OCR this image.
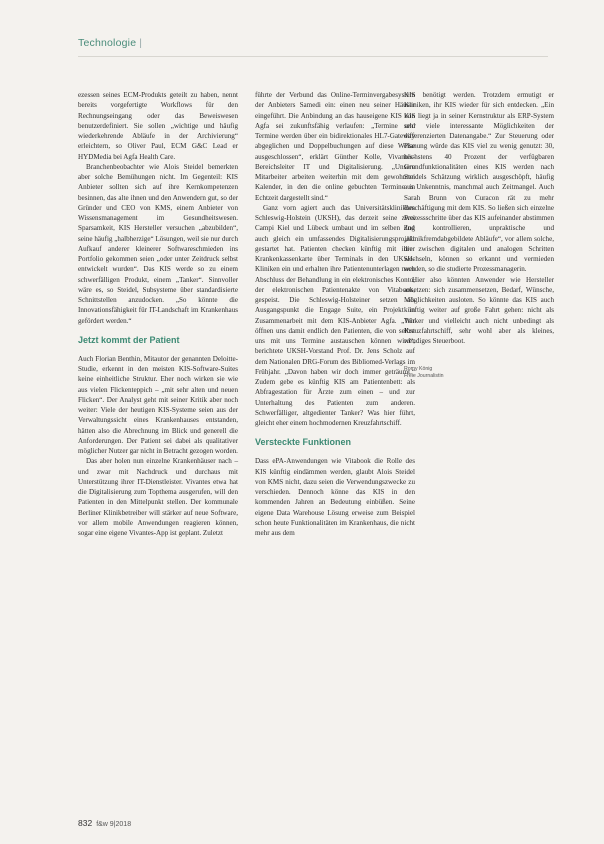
Technologie |

ezessen seines ECM-Produkts geteilt zu haben, nennt bereits vorgefertigte Workflows für den Rechnungseingang oder das Beweiswesen benutzerdefiniert. Sie sollen „wichtige und häufig wiederkehrende Abläufe in der Archivierung“ erleichtern, so Oliver Paul, ECM G&C Lead er HYDMedia bei Agfa Health Care.

Branchenbeobachter wie Alois Steidel bemerkten aber solche Bemühungen nicht. Im Gegenteil: KIS Anbieter sollten sich auf ihre Kernkompetenzen besinnen, das alte ihnen und den Anwendern gut, so der Gründer und CEO von KMS, einem Anbieter von Wissensmanagement im Gesundheitswesen. Sparsamkeit, KIS Hersteller versuchen „abzubilden“, seine häufig „halbherzige“ Lösungen, weil sie nur durch Aufkauf anderer kleinerer Softwareschmieden ins Portfolio gekommen seien „oder unter Zeitdruck selbst entwickelt wurden“. Das KIS werde so zu einem schwerfälligen Produkt, einem „Tanker“. Sinnvoller wäre es, so Steidel, Subsysteme über standardisierte Schnittstellen anzudocken. „So könnte die Innovationsfähigkeit für IT-Landschaft im Krankenhaus gefördert werden.“

Jetzt kommt der Patient

Auch Florian Benthin, Mitautor der genannten Deloitte-Studie, erkennt in den meisten KIS-Software-Suites keine einheitliche Struktur. Eher noch wirken sie wie aus vielen Flickenteppich – „mit sehr alten und neuen Flicken“. Der Analyst geht mit seiner Kritik aber noch weiter: Viele der heutigen KIS-Systeme seien aus der Verwaltungssicht eines Krankenhauses entstanden, hätten also die Abrechnung im Blick und generell die Anforderungen. Der Patient sei dabei als qualitativer möglicher Nutzer gar nicht in Betracht gezogen worden.

Das aber holen nun einzelne Krankenhäuser nach – und zwar mit Nachdruck und durchaus mit Unterstützung ihrer IT-Dienstleister. Vivantes etwa hat die Digitalisierung zum Topthema ausgerufen, will den Patienten in den Mittelpunkt stellen. Der kommunale Berliner Klinikbetreiber will stärker auf neue Software, vor allem mobile Anwendungen reagieren können, sogar eine eigene Vivantes-App ist geplant. Zuletzt

führte der Verbund das Online-Terminvergabesystem der Anbieters Samedi ein: einen neu seiner Häuser eingeführt. Die Anbindung an das hauseigene KIS von Agfa sei zukunftsfähig verlaufen: „Termine und Termine werden über ein bidirektionales HL7-Gateway abgeglichen und Doppelbuchungen auf diese Weise ausgeschlossen“, erklärt Günther Kolle, Vivantes-Bereichsleiter IT und Digitalisierung. „Unsere Mitarbeiter arbeiten weiterhin mit dem gewohnten Kalender, in den die online gebuchten Termine in Echtzeit dargestellt sind.“

Ganz vorn agiert auch das Universitätsklinikum Schleswig-Holstein (UKSH), das derzeit seine zwei Campi Kiel und Lübeck umbaut und im selben Zug auch gleich ein umfassendes Digitalisierungsprojekt gestartet hat. Patienten checken künftig mit ihrer Krankenkassenkarte über Terminals in den UKSH-Kliniken ein und erhalten ihre Patientenunterlagen nach Abschluss der Behandlung in ein elektronisches Konto, der elektronischen Patientenakte von Vitabook, gespeist. Die Schleswig-Holsteiner setzen als Ausgangspunkt die Engage Suite, ein Projekt in Zusammenarbeit mit dem KIS-Anbieter Agfa. „Wir öffnen uns damit endlich den Patienten, die von selbst uns mit uns Termine austauschen können wird“, berichtete UKSH-Vorstand Prof. Dr. Jens Scholz auf dem Nationalen DRG-Forum des Bibliomed-Verlags im Frühjahr. „Davon haben wir doch immer geträumt.“ Zudem gebe es künftig KIS am Patientenbett: als Abfragestation für Ärzte zum einen – und zur Unterhaltung des Patienten zum anderen. Schwerfälliger, altgedienter Tanker? Was hier führt, gleicht eher einem hochmodernen Kreuzfahrtschiff.

Versteckte Funktionen

Dass ePA-Anwendungen wie Vitabook die Rolle des KIS künftig eindämmen werden, glaubt Alois Steidel von KMS nicht, dazu seien die Verwendungszwecke zu verschieden. Dennoch könne das KIS in den kommenden Jahren an Bedeutung einbüßen. Seine eigene Data Warehouse Lösung erweise zum Beispiel schon heute Funktionalitäten im Krankenhaus, die nicht mehr aus dem

KIS benötigt werden. Trotzdem ermutigt er Kliniken, ihr KIS wieder für sich entdecken. „Ein KIS liegt ja in seiner Kernstruktur als ERP-System sehr viele interessante Möglichkeiten der differenzierten Datenangabe.“ Zur Steuerung oder Planung würde das KIS viel zu wenig genutzt: 30, höchstens 40 Prozent der verfügbaren Grundfunktionalitäten eines KIS werden nach Steidels Schätzung wirklich ausgeschöpft, häufig aus Unkenntnis, manchmal auch Zeitmangel. Auch Sarah Brunn von Curacon rät zu mehr Beschäftigung mit dem KIS. So ließen sich einzelne Prozessschritte über das KIS aufeinander abstimmen und kontrollieren, unpraktische und „klinikfremdabgebildete Abläufe“, vor allem solche, die zwischen digitalen und analogen Schritten wechseln, können so erkannt und vermieden werden, so die studierte Prozessmanagerin.

Hier also könnten Anwender wie Hersteller ansetzen: sich zusammensetzen, Bedarf, Wünsche, Möglichkeiten ausloten. So könnte das KIS auch künftig weiter auf große Fahrt gehen: nicht als Tanker und vielleicht auch nicht unbedingt als Kreuzfahrtschiff, sehr wohl aber als kleines, wendiges Steuerboot.

Romy König
Freie Journalistin
832 f&w 9|2018
